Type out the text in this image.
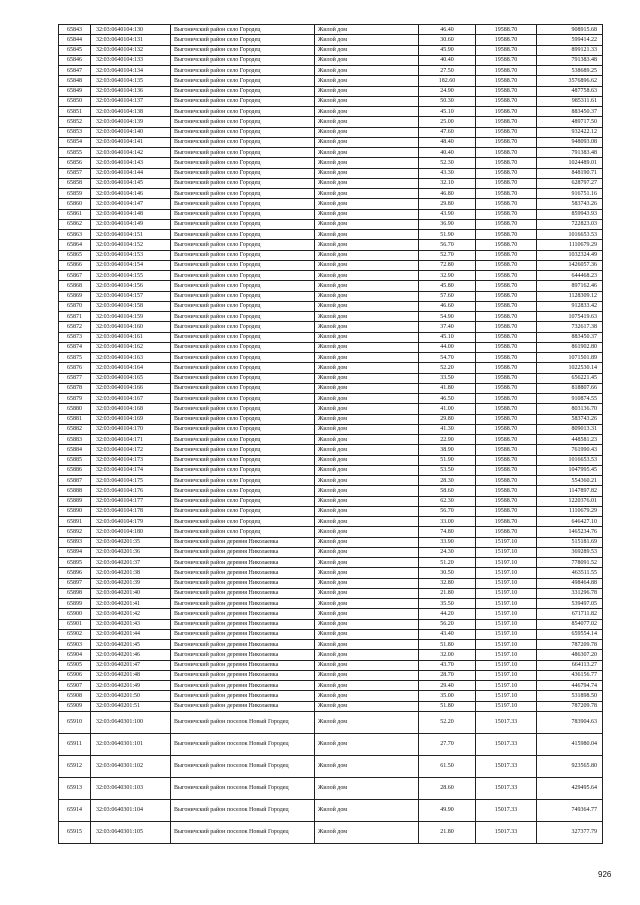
65843	32:03:0640104:130	Выгоничский район село Городец	Жилой дом	46.40	19588.70	908915.68
65844	32:03:0640104:131	Выгоничский район село Городец	Жилой дом	30.60	19588.70	599414.22
65845	32:03:0640104:132	Выгоничский район село Городец	Жилой дом	45.90	19588.70	899121.33
65846	32:03:0640104:133	Выгоничский район село Городец	Жилой дом	40.40	19588.70	791383.48
65847	32:03:0640104:134	Выгоничский район село Городец	Жилой дом	27.50	19588.70	538689.25
65848	32:03:0640104:135	Выгоничский район село Городец	Жилой дом	182.60	19588.70	3576896.62
65849	32:03:0640104:136	Выгоничский район село Городец	Жилой дом	24.90	19588.70	487758.63
65850	32:03:0640104:137	Выгоничский район село Городец	Жилой дом	50.30	19588.70	985311.61
65851	32:03:0640104:138	Выгоничский район село Городец	Жилой дом	45.10	19588.70	883450.37
65852	32:03:0640104:139	Выгоничский район село Городец	Жилой дом	25.00	19588.70	489717.50
65853	32:03:0640104:140	Выгоничский район село Городец	Жилой дом	47.60	19588.70	932422.12
65854	32:03:0640104:141	Выгоничский район село Городец	Жилой дом	48.40	19588.70	948093.08
65855	32:03:0640104:142	Выгоничский район село Городец	Жилой дом	40.40	19588.70	791383.48
65856	32:03:0640104:143	Выгоничский район село Городец	Жилой дом	52.30	19588.70	1024489.01
65857	32:03:0640104:144	Выгоничский район село Городец	Жилой дом	43.30	19588.70	848190.71
65858	32:03:0640104:145	Выгоничский район село Городец	Жилой дом	32.10	19588.70	628797.27
65859	32:03:0640104:146	Выгоничский район село Городец	Жилой дом	46.80	19588.70	916751.16
65860	32:03:0640104:147	Выгоничский район село Городец	Жилой дом	29.80	19588.70	583743.26
65861	32:03:0640104:148	Выгоничский район село Городец	Жилой дом	43.90	19588.70	859943.93
65862	32:03:0640104:149	Выгоничский район село Городец	Жилой дом	36.90	19588.70	722823.03
65863	32:03:0640104:151	Выгоничский район село Городец	Жилой дом	51.90	19588.70	1016653.53
65864	32:03:0640104:152	Выгоничский район село Городец	Жилой дом	56.70	19588.70	1110679.29
65865	32:03:0640104:153	Выгоничский район село Городец	Жилой дом	52.70	19588.70	1032324.49
65866	32:03:0640104:154	Выгоничский район село Городец	Жилой дом	72.80	19588.70	1426057.36
65867	32:03:0640104:155	Выгоничский район село Городец	Жилой дом	32.90	19588.70	644468.23
65868	32:03:0640104:156	Выгоничский район село Городец	Жилой дом	45.80	19588.70	897162.46
65869	32:03:0640104:157	Выгоничский район село Городец	Жилой дом	57.60	19588.70	1128309.12
65870	32:03:0640104:158	Выгоничский район село Городец	Жилой дом	46.60	19588.70	912833.42
65871	32:03:0640104:159	Выгоничский район село Городец	Жилой дом	54.90	19588.70	1075419.63
65872	32:03:0640104:160	Выгоничский район село Городец	Жилой дом	37.40	19588.70	732617.38
65873	32:03:0640104:161	Выгоничский район село Городец	Жилой дом	45.10	19588.70	883450.37
65874	32:03:0640104:162	Выгоничский район село Городец	Жилой дом	44.00	19588.70	861902.80
65875	32:03:0640104:163	Выгоничский район село Городец	Жилой дом	54.70	19588.70	1071501.89
65876	32:03:0640104:164	Выгоничский район село Городец	Жилой дом	52.20	19588.70	1022530.14
65877	32:03:0640104:165	Выгоничский район село Городец	Жилой дом	33.50	19588.70	656221.45
65878	32:03:0640104:166	Выгоничский район село Городец	Жилой дом	41.80	19588.70	818807.66
65879	32:03:0640104:167	Выгоничский район село Городец	Жилой дом	46.50	19588.70	910874.55
65880	32:03:0640104:168	Выгоничский район село Городец	Жилой дом	41.00	19588.70	803136.70
65881	32:03:0640104:169	Выгоничский район село Городец	Жилой дом	29.80	19588.70	583743.26
65882	32:03:0640104:170	Выгоничский район село Городец	Жилой дом	41.30	19588.70	809013.31
65883	32:03:0640104:171	Выгоничский район село Городец	Жилой дом	22.90	19588.70	448581.23
65884	32:03:0640104:172	Выгоничский район село Городец	Жилой дом	38.90	19588.70	761990.43
65885	32:03:0640104:173	Выгоничский район село Городец	Жилой дом	51.90	19588.70	1016653.53
65886	32:03:0640104:174	Выгоничский район село Городец	Жилой дом	53.50	19588.70	1047995.45
65887	32:03:0640104:175	Выгоничский район село Городец	Жилой дом	28.30	19588.70	554360.21
65888	32:03:0640104:176	Выгоничский район село Городец	Жилой дом	58.60	19588.70	1147897.82
65889	32:03:0640104:177	Выгоничский район село Городец	Жилой дом	62.30	19588.70	1220376.01
65890	32:03:0640104:178	Выгоничский район село Городец	Жилой дом	56.70	19588.70	1110679.29
65891	32:03:0640104:179	Выгоничский район село Городец	Жилой дом	33.00	19588.70	646427.10
65892	32:03:0640104:180	Выгоничский район село Городец	Жилой дом	74.80	19588.70	1465234.76
65893	32:03:0640201:35	Выгоничский район деревня Николаевка	Жилой дом	33.90	15197.10	515181.69
65894	32:03:0640201:36	Выгоничский район деревня Николаевка	Жилой дом	24.30	15197.10	369289.53
65895	32:03:0640201:37	Выгоничский район деревня Николаевка	Жилой дом	51.20	15197.10	778091.52
65896	32:03:0640201:38	Выгоничский район деревня Николаевка	Жилой дом	30.50	15197.10	463511.55
65897	32:03:0640201:39	Выгоничский район деревня Николаевка	Жилой дом	32.80	15197.10	498464.88
65898	32:03:0640201:40	Выгоничский район деревня Николаевка	Жилой дом	21.80	15197.10	331296.78
65899	32:03:0640201:41	Выгоничский район деревня Николаевка	Жилой дом	35.50	15197.10	539497.05
65900	32:03:0640201:42	Выгоничский район деревня Николаевка	Жилой дом	44.20	15197.10	671711.82
65901	32:03:0640201:43	Выгоничский район деревня Николаевка	Жилой дом	56.20	15197.10	854077.02
65902	32:03:0640201:44	Выгоничский район деревня Николаевка	Жилой дом	43.40	15197.10	659554.14
65903	32:03:0640201:45	Выгоничский район деревня Николаевка	Жилой дом	51.80	15197.10	787209.78
65904	32:03:0640201:46	Выгоничский район деревня Николаевка	Жилой дом	32.00	15197.10	486307.20
65905	32:03:0640201:47	Выгоничский район деревня Николаевка	Жилой дом	43.70	15197.10	664113.27
65906	32:03:0640201:48	Выгоничский район деревня Николаевка	Жилой дом	28.70	15197.10	436156.77
65907	32:03:0640201:49	Выгоничский район деревня Николаевка	Жилой дом	29.40	15197.10	446794.74
65908	32:03:0640201:50	Выгоничский район деревня Николаевка	Жилой дом	35.00	15197.10	531898.50
65909	32:03:0640201:51	Выгоничский район деревня Николаевка	Жилой дом	51.80	15197.10	787209.78
65910	32:03:0640301:100	Выгоничский район поселок Новый Городец	Жилой дом	52.20	15017.33	783904.63
65911	32:03:0640301:101	Выгоничский район поселок Новый Городец	Жилой дом	27.70	15017.33	415980.04
65912	32:03:0640301:102	Выгоничский район поселок Новый Городец	Жилой дом	61.50	15017.33	923565.80
65913	32:03:0640301:103	Выгоничский район поселок Новый Городец	Жилой дом	28.60	15017.33	429495.64
65914	32:03:0640301:104	Выгоничский район поселок Новый Городец	Жилой дом	49.90	15017.33	749364.77
65915	32:03:0640301:105	Выгоничский район поселок Новый Городец	Жилой дом	21.80	15017.33	327377.79
926
